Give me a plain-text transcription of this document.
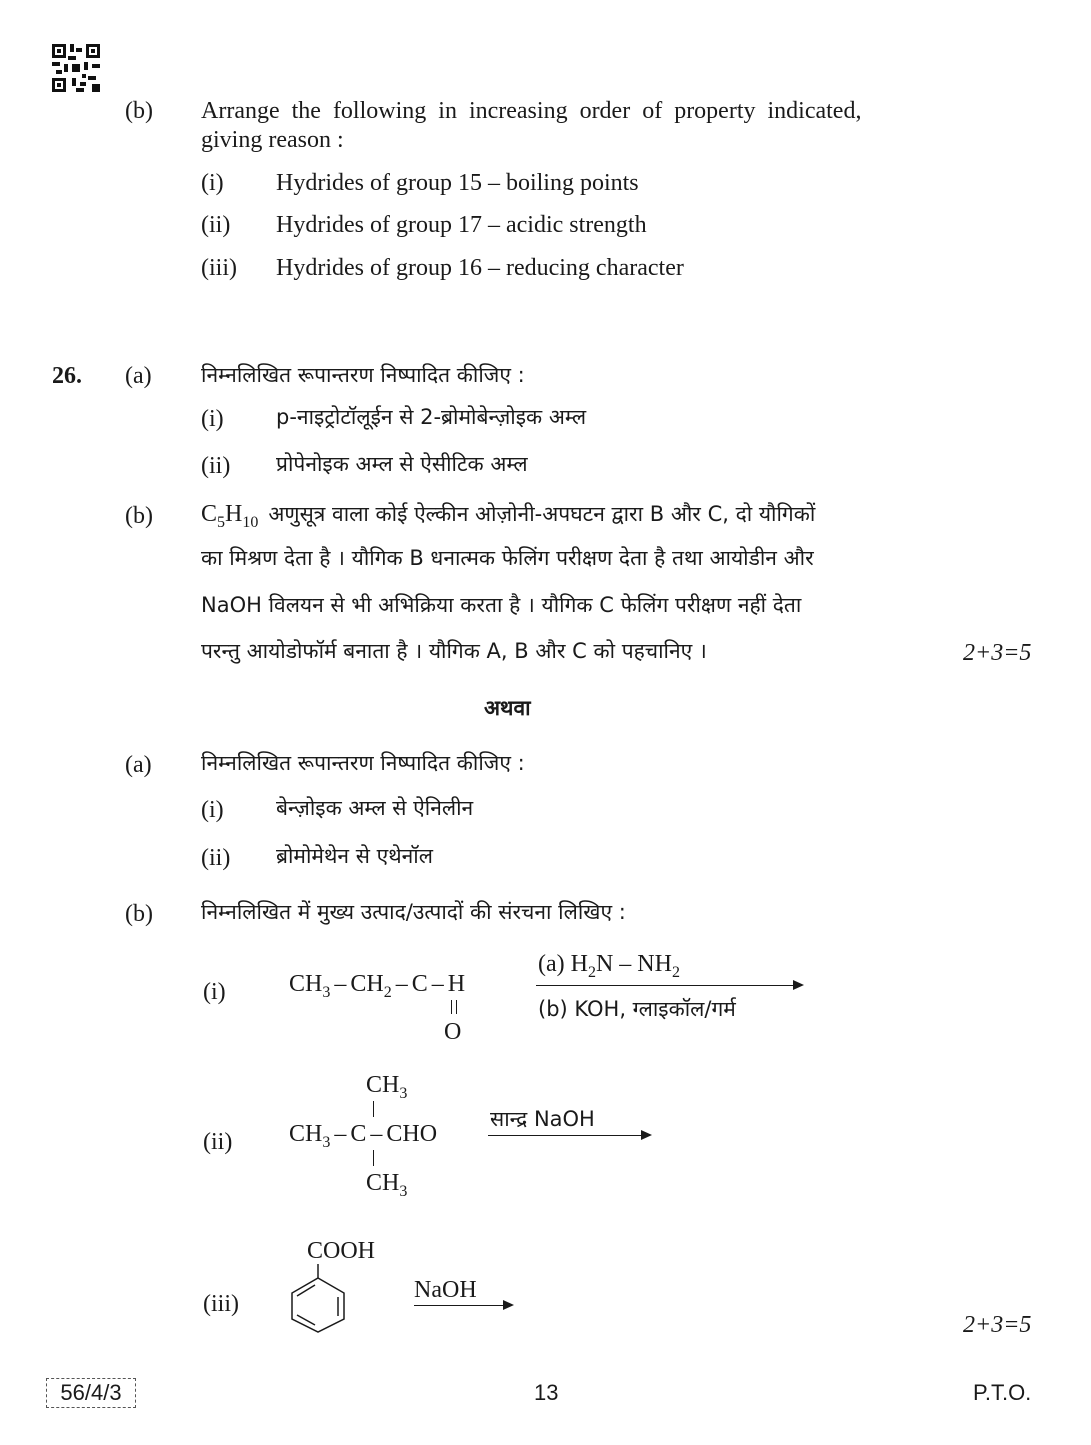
(b) Arrange the following in increasing order of property indicated,
giving reason :
(i) Hydrides of group 15 – boiling points
(ii) Hydrides of group 17 – acidic strength
(iii) Hydrides of group 16 – reducing character
26. (a) निम्नलिखित रूपान्तरण निष्पादित कीजिए :
(i) p-नाइट्रोटॉलूईन से 2-ब्रोमोबेन्ज़ोइक अम्ल
(ii) प्रोपेनोइक अम्ल से ऐसीटिक अम्ल
(b) C5H10 अणुसूत्र वाला कोई ऐल्कीन ओज़ोनी-अपघटन द्वारा B और C, दो यौगिकों
का मिश्रण देता है । यौगिक B धनात्मक फेलिंग परीक्षण देता है तथा आयोडीन और
NaOH विलयन से भी अभिक्रिया करता है । यौगिक C फेलिंग परीक्षण नहीं देता
परन्तु आयोडोफॉर्म बनाता है । यौगिक A, B और C को पहचानिए ।	2+3=5
अथवा
(a) निम्नलिखित रूपान्तरण निष्पादित कीजिए :
(i) बेन्ज़ोइक अम्ल से ऐनिलीन
(ii) ब्रोमोमेथेन से एथेनॉल
(b) निम्नलिखित में मुख्य उत्पाद/उत्पादों की संरचना लिखिए :
(i)	CH3 – CH2 – C – H
O
(a) H2N – NH2
(b) KOH, ग्लाइकॉल/गर्म
CH3
(ii) CH3 – C – CHO
CH3
सान्द्र NaOH
COOH
(iii)
NaOH
2+3=5
56/4/3	13	P.T.O.
